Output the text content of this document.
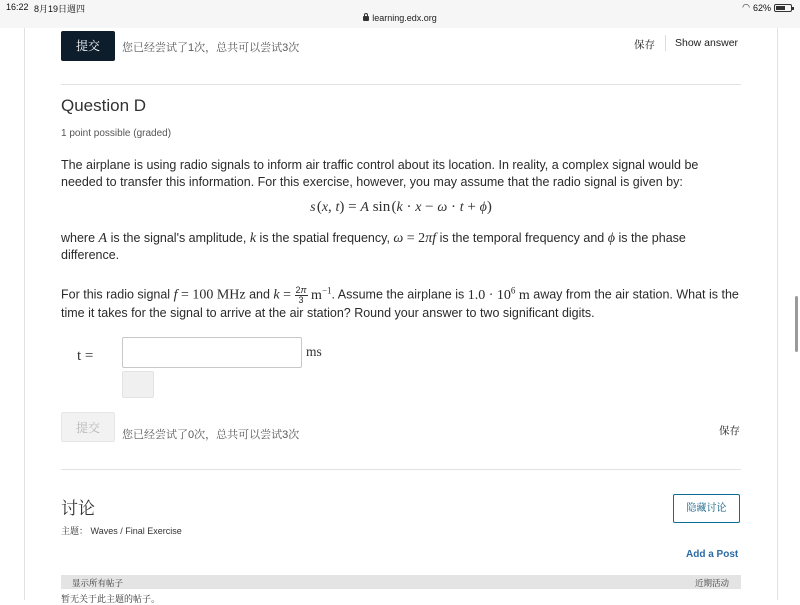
16:22 8月19日週四
learning.edx.org
◠ 62%
提交	您已经尝试了1次，总共可以尝试3次	保存 Show answer
Question D
1 point possible (graded)
The airplane is using radio signals to inform air traffic control about its location. In reality, a complex signal would be needed to transfer this information. For this exercise, however, you may assume that the radio signal is given by:
s (x, t) = A sin (k · x − ω · t + ϕ)
where A is the signal's amplitude, k is the spatial frequency, ω = 2πf is the temporal frequency and ϕ is the phase difference.
For this radio signal f = 100 MHz and $k = \frac{2\pi}{3} m^{-1}$. Assume the airplane is $1.0 \cdot 10^6$ m away from the air station. What is the time it takes for the signal to arrive at the air station? Round your answer to two significant digits.
t =	ms
提交	您已经尝试了0次，总共可以尝试3次	保存
讨论
主题： Waves / Final Exercise
隐藏讨论
Add a Post
显示所有帖子	近期活动
暂无关于此主题的帖子。
